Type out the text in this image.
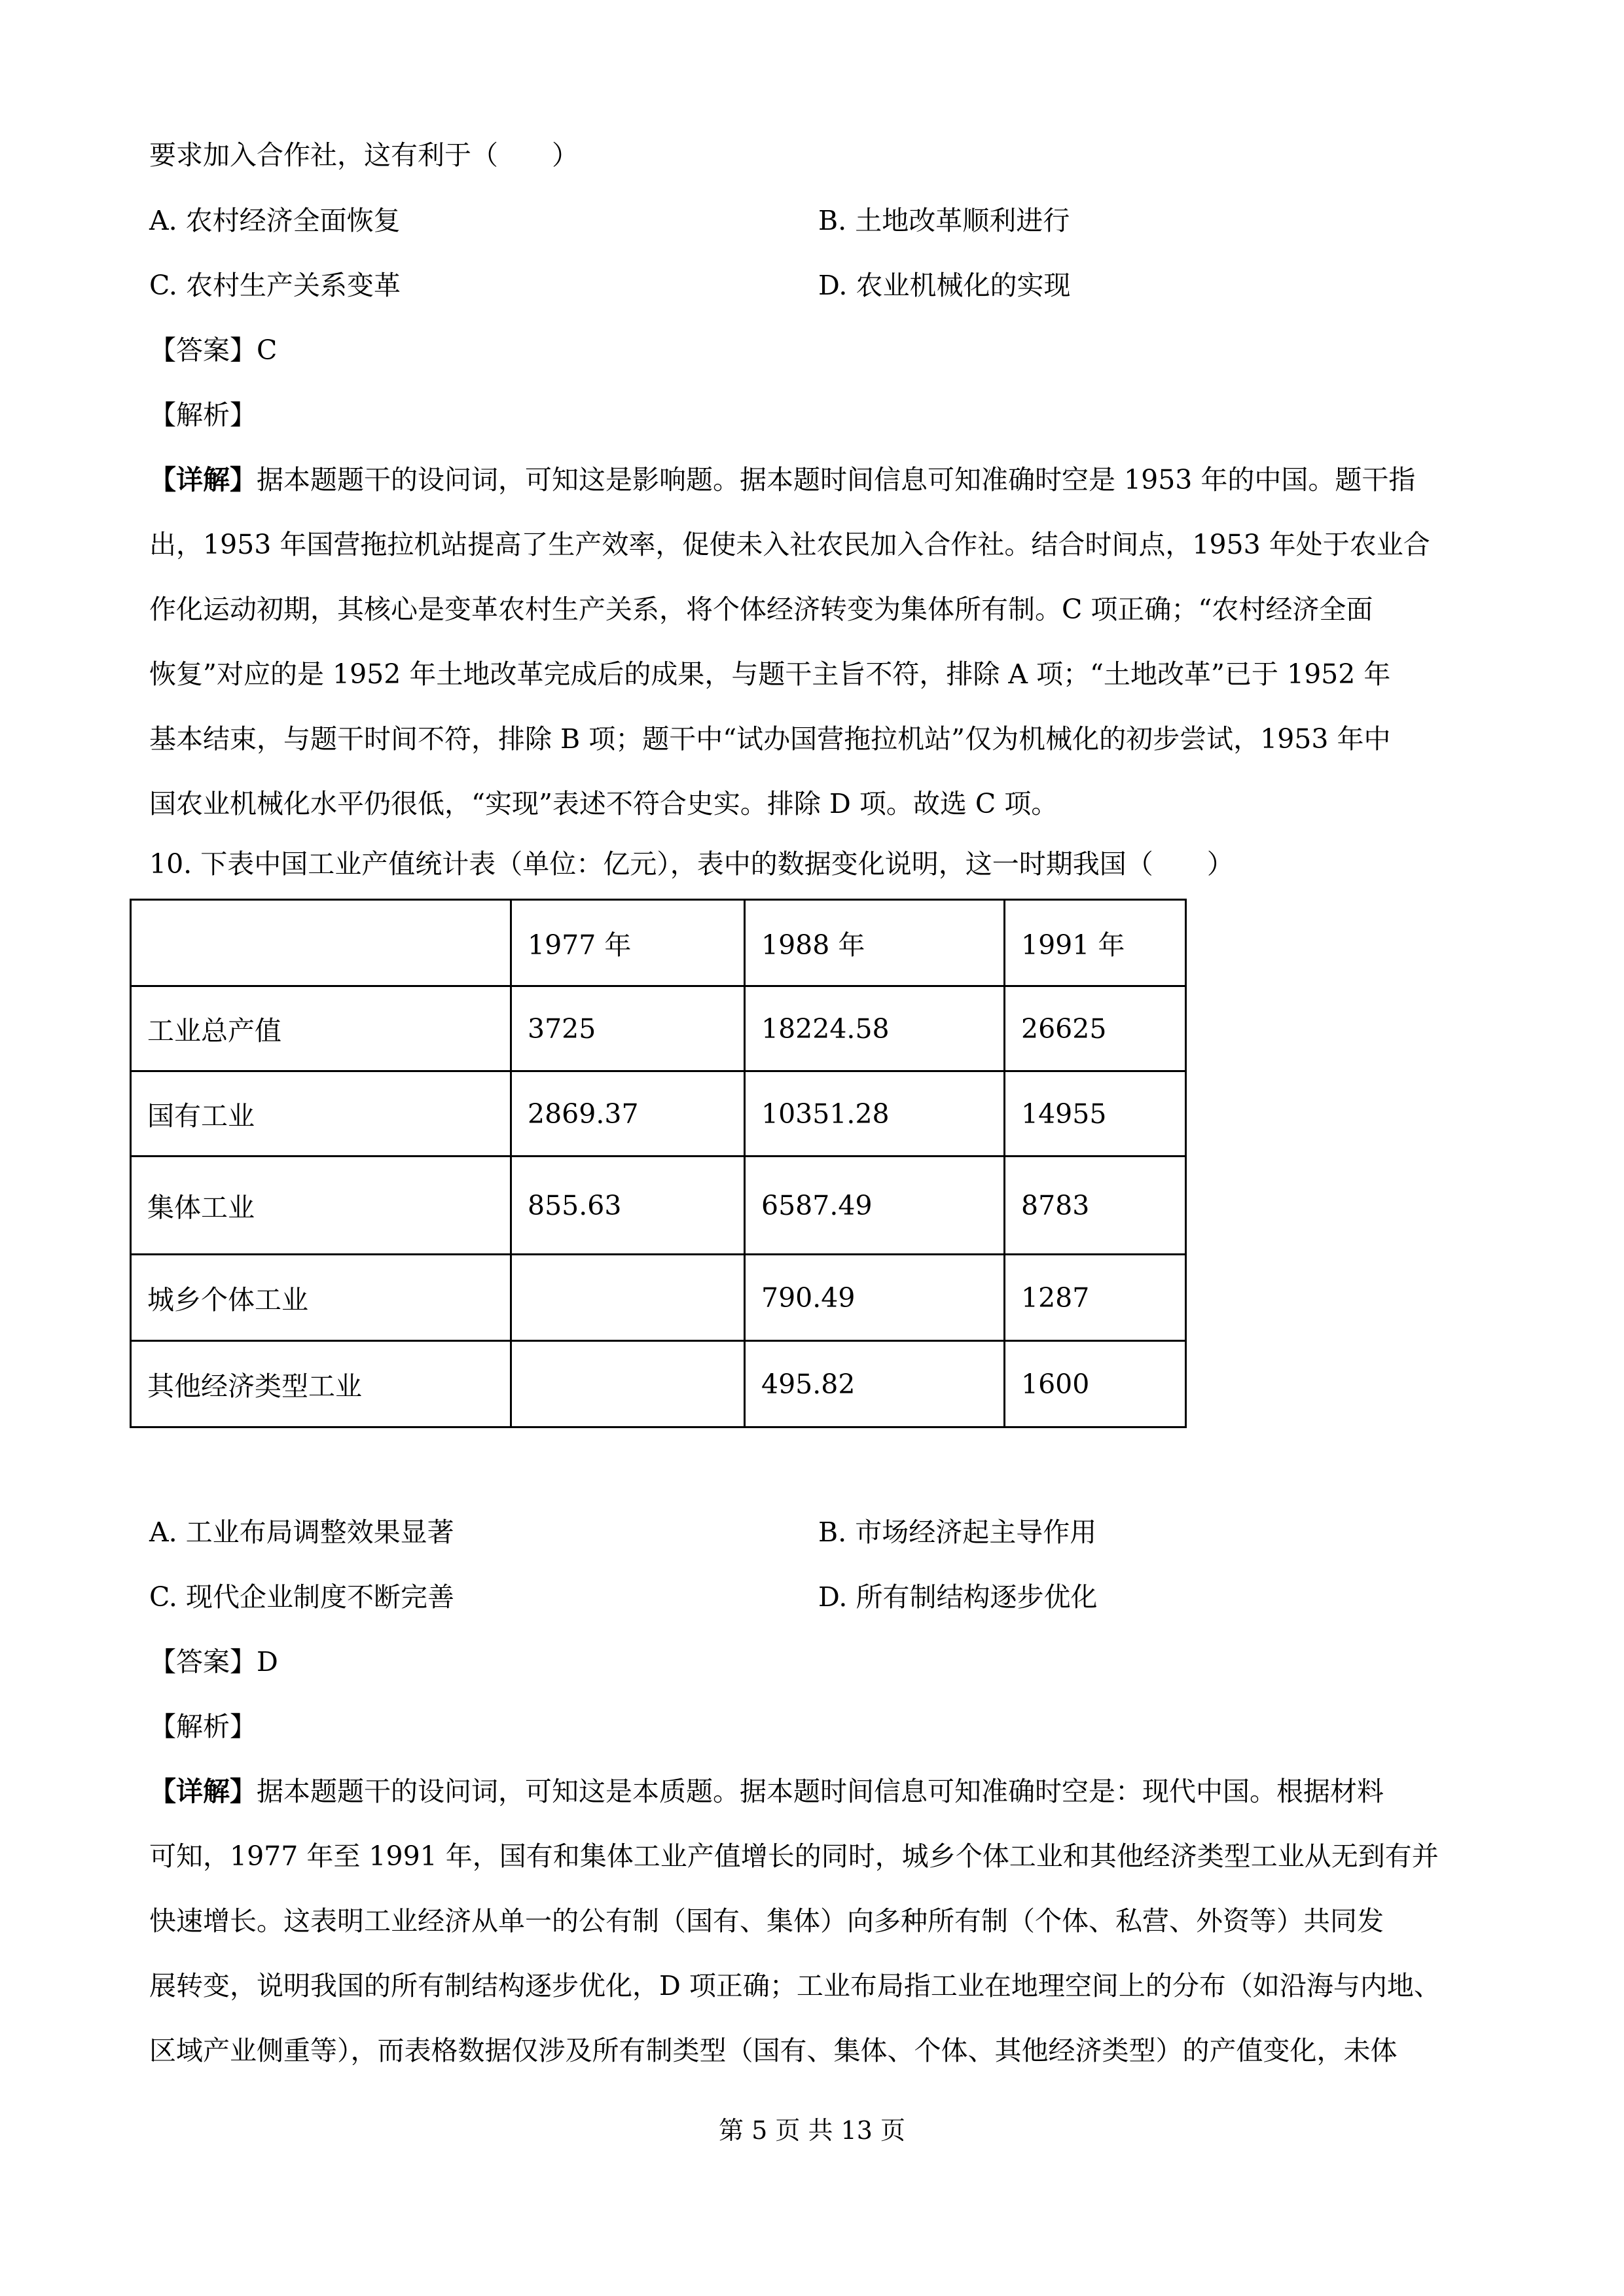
要求加入合作社，这有利于（　　）
A. 农村经济全面恢复	B. 土地改革顺利进行
C. 农村生产关系变革	D. 农业机械化的实现
【答案】C
【解析】
【详解】据本题题干的设问词，可知这是影响题。据本题时间信息可知准确时空是 1953 年的中国。题干指
出，1953 年国营拖拉机站提高了生产效率，促使未入社农民加入合作社。结合时间点，1953 年处于农业合
作化运动初期，其核心是变革农村生产关系，将个体经济转变为集体所有制。C 项正确；“农村经济全面
恢复”对应的是 1952 年土地改革完成后的成果，与题干主旨不符，排除 A 项；“土地改革”已于 1952 年
基本结束，与题干时间不符，排除 B 项；题干中“试办国营拖拉机站”仅为机械化的初步尝试，1953 年中
国农业机械化水平仍很低，“实现”表述不符合史实。排除 D 项。故选 C 项。
10. 下表中国工业产值统计表（单位：亿元），表中的数据变化说明，这一时期我国（　　）
	1977 年	1988 年	1991 年
工业总产值	3725	18224.58	26625
国有工业	2869.37	10351.28	14955
集体工业	855.63	6587.49	8783
城乡个体工业		790.49	1287
其他经济类型工业		495.82	1600
A. 工业布局调整效果显著	B. 市场经济起主导作用
C. 现代企业制度不断完善	D. 所有制结构逐步优化
【答案】D
【解析】
【详解】据本题题干的设问词，可知这是本质题。据本题时间信息可知准确时空是：现代中国。根据材料
可知，1977 年至 1991 年，国有和集体工业产值增长的同时，城乡个体工业和其他经济类型工业从无到有并
快速增长。这表明工业经济从单一的公有制（国有、集体）向多种所有制（个体、私营、外资等）共同发
展转变，说明我国的所有制结构逐步优化，D 项正确；工业布局指工业在地理空间上的分布（如沿海与内地、
区域产业侧重等），而表格数据仅涉及所有制类型（国有、集体、个体、其他经济类型）的产值变化，未体
第 5 页 共 13 页
